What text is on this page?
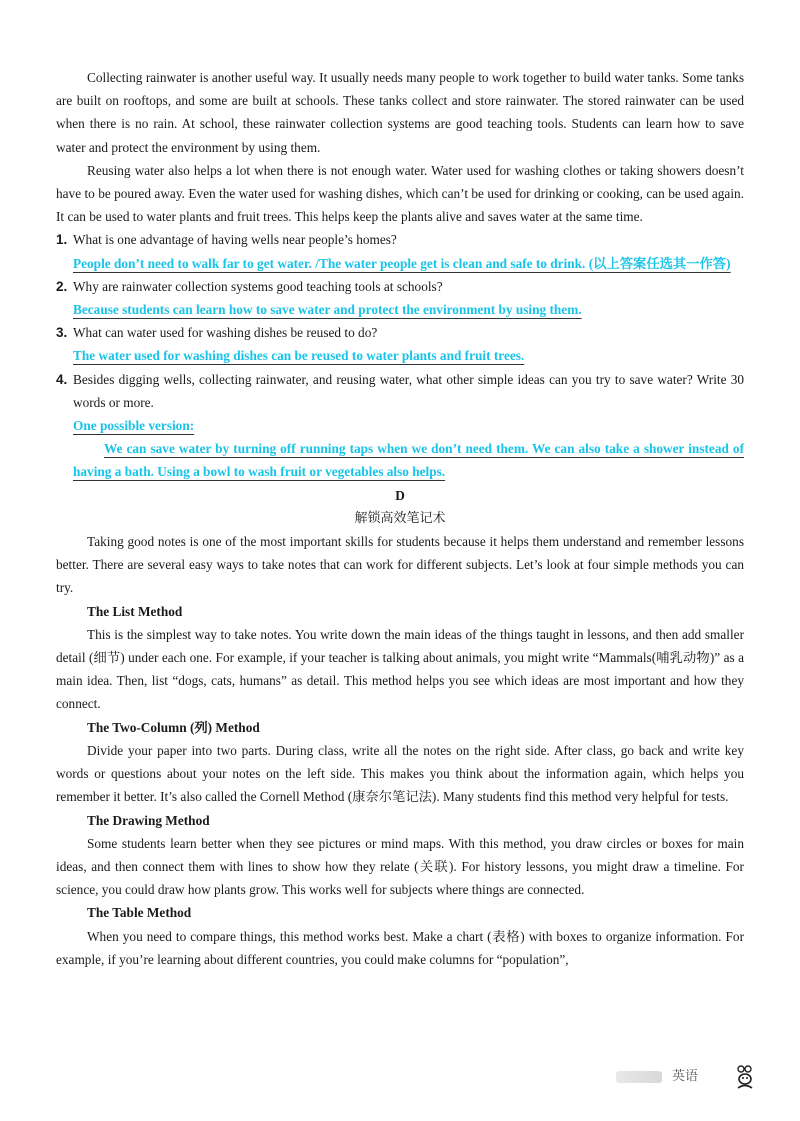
Collecting rainwater is another useful way. It usually needs many people to work together to build water tanks. Some tanks are built on rooftops, and some are built at schools. These tanks collect and store rainwater. The stored rainwater can be used when there is no rain. At school, these rainwater collection systems are good teaching tools. Students can learn how to save water and protect the environment by using them.

Reusing water also helps a lot when there is not enough water. Water used for washing clothes or taking showers doesn’t have to be poured away. Even the water used for washing dishes, which can’t be used for drinking or cooking, can be used again. It can be used to water plants and fruit trees. This helps keep the plants alive and saves water at the same time.

1. What is one advantage of having wells near people’s homes?

People don’t need to walk far to get water. /The water people get is clean and safe to drink. (以上答案任选其一作答)

2. Why are rainwater collection systems good teaching tools at schools?

Because students can learn how to save water and protect the environment by using them.

3. What can water used for washing dishes be reused to do?

The water used for washing dishes can be reused to water plants and fruit trees.

4. Besides digging wells, collecting rainwater, and reusing water, what other simple ideas can you try to save water? Write 30 words or more.

One possible version:

We can save water by turning off running taps when we don’t need them. We can also take a shower instead of having a bath. Using a bowl to wash fruit or vegetables also helps.

D

解锁高效笔记术

Taking good notes is one of the most important skills for students because it helps them understand and remember lessons better. There are several easy ways to take notes that can work for different subjects. Let’s look at four simple methods you can try.

The List Method

This is the simplest way to take notes. You write down the main ideas of the things taught in lessons, and then add smaller detail (细节) under each one. For example, if your teacher is talking about animals, you might write “Mammals(哺乳动物)” as a main idea. Then, list “dogs, cats, humans” as detail. This method helps you see which ideas are most important and how they connect.

The Two-Column (列) Method

Divide your paper into two parts. During class, write all the notes on the right side. After class, go back and write key words or questions about your notes on the left side. This makes you think about the information again, which helps you remember it better. It’s also called the Cornell Method (康奈尔笔记法). Many students find this method very helpful for tests.

The Drawing Method

Some students learn better when they see pictures or mind maps. With this method, you draw circles or boxes for main ideas, and then connect them with lines to show how they relate (关联). For history lessons, you might draw a timeline. For science, you could draw how plants grow. This works well for subjects where things are connected.

The Table Method

When you need to compare things, this method works best. Make a chart (表格) with boxes to organize information. For example, if you’re learning about different countries, you could make columns for “population”,

英语
